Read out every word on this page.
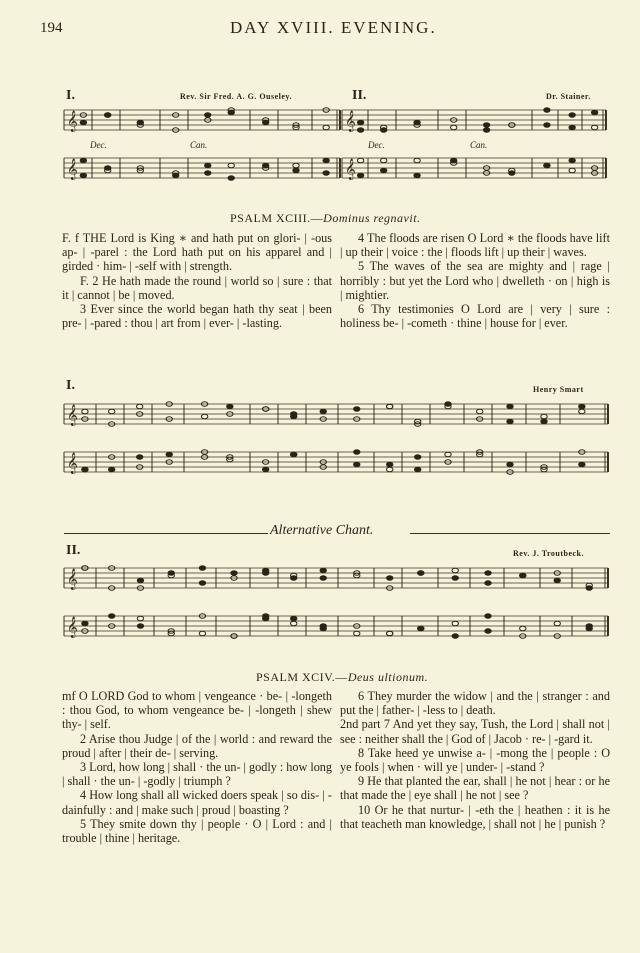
194	DAY XVIII. EVENING.
I.	Rev. Sir Fred. A. G. Ouseley.	II.	Dr. Stainer.
Dec.	Can.	Dec.	Can.
𝄞
𝄞
𝄞
𝄞
PSALM XCIII.—Dominus regnavit.

F. f THE Lord is King ∗ and hath put on glori- | -ous ap- | -parel : the Lord hath put on his apparel and | girded · him- | -self with | strength.

F. 2 He hath made the round | world so | sure : that it | cannot | be | moved.

3 Ever since the world began hath thy seat | been pre- | -pared : thou | art from | ever- | -lasting.

4 The floods are risen O Lord ∗ the floods have lift | up their | voice : the | floods lift | up their | waves.

5 The waves of the sea are mighty and | rage | horribly : but yet the Lord who | dwelleth · on | high is | mightier.

6 Thy testimonies O Lord are | very | sure : holiness be- | -cometh · thine | house for | ever.

I.	Henry Smart
𝄞
𝄞
Alternative Chant.
II.	Rev. J. Troutbeck.
𝄞
𝄞
PSALM XCIV.—Deus ultionum.

mf O LORD God to whom | vengeance · be- | -longeth : thou God, to whom vengeance be- | -longeth | shew thy- | self.

2 Arise thou Judge | of the | world : and reward the proud | after | their de- | serving.

3 Lord, how long | shall · the un- | godly : how long | shall · the un- | -godly | triumph ?

4 How long shall all wicked doers speak | so dis- | -dainfully : and | make such | proud | boasting ?

5 They smite down thy | people · O | Lord : and | trouble | thine | heritage.

6 They murder the widow | and the | stranger : and put the | father- | -less to | death.

2nd part 7 And yet they say, Tush, the Lord | shall not | see : neither shall the | God of | Jacob · re- | -gard it.

8 Take heed ye unwise a- | -mong the | people : O ye fools | when · will ye | under- | -stand ?

9 He that planted the ear, shall | he not | hear : or he that made the | eye shall | he not | see ?

10 Or he that nurtur- | -eth the | heathen : it is he that teacheth man knowledge, | shall not | he | punish ?
